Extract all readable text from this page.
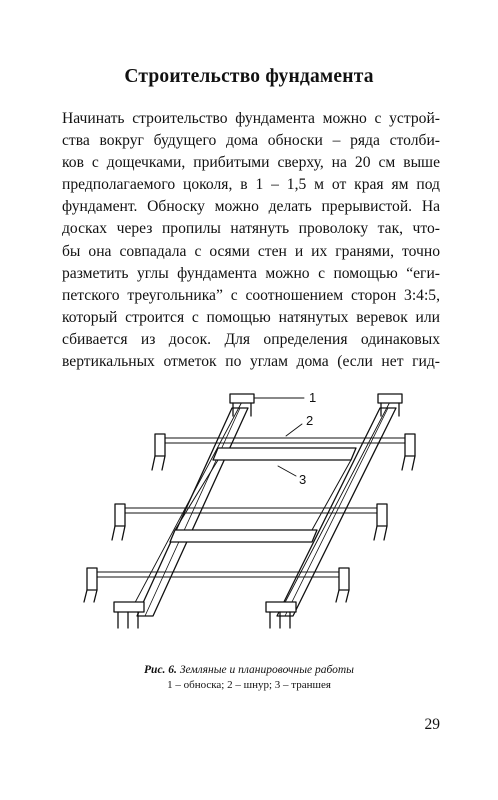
Строительство фундамента
Начинать строительство фундамента можно с устрой-
ства вокруг будущего дома обноски – ряда столби-
ков с дощечками, прибитыми сверху, на 20 см выше
предполагаемого цоколя, в 1 – 1,5 м от края ям под
фундамент. Обноску можно делать прерывистой. На
досках через пропилы натянуть проволоку так, что-
бы она совпадала с осями стен и их гранями, точно
разметить углы фундамента можно с помощью “еги-
петского треугольника” с соотношением сторон 3:4:5,
который строится с помощью натянутых веревок или
сбивается из досок. Для определения одинаковых
вертикальных отметок по углам дома (если нет гид-
1
2
3
Рис. 6. Земляные и планировочные работы
1 – обноска; 2 – шнур; 3 – траншея
29
